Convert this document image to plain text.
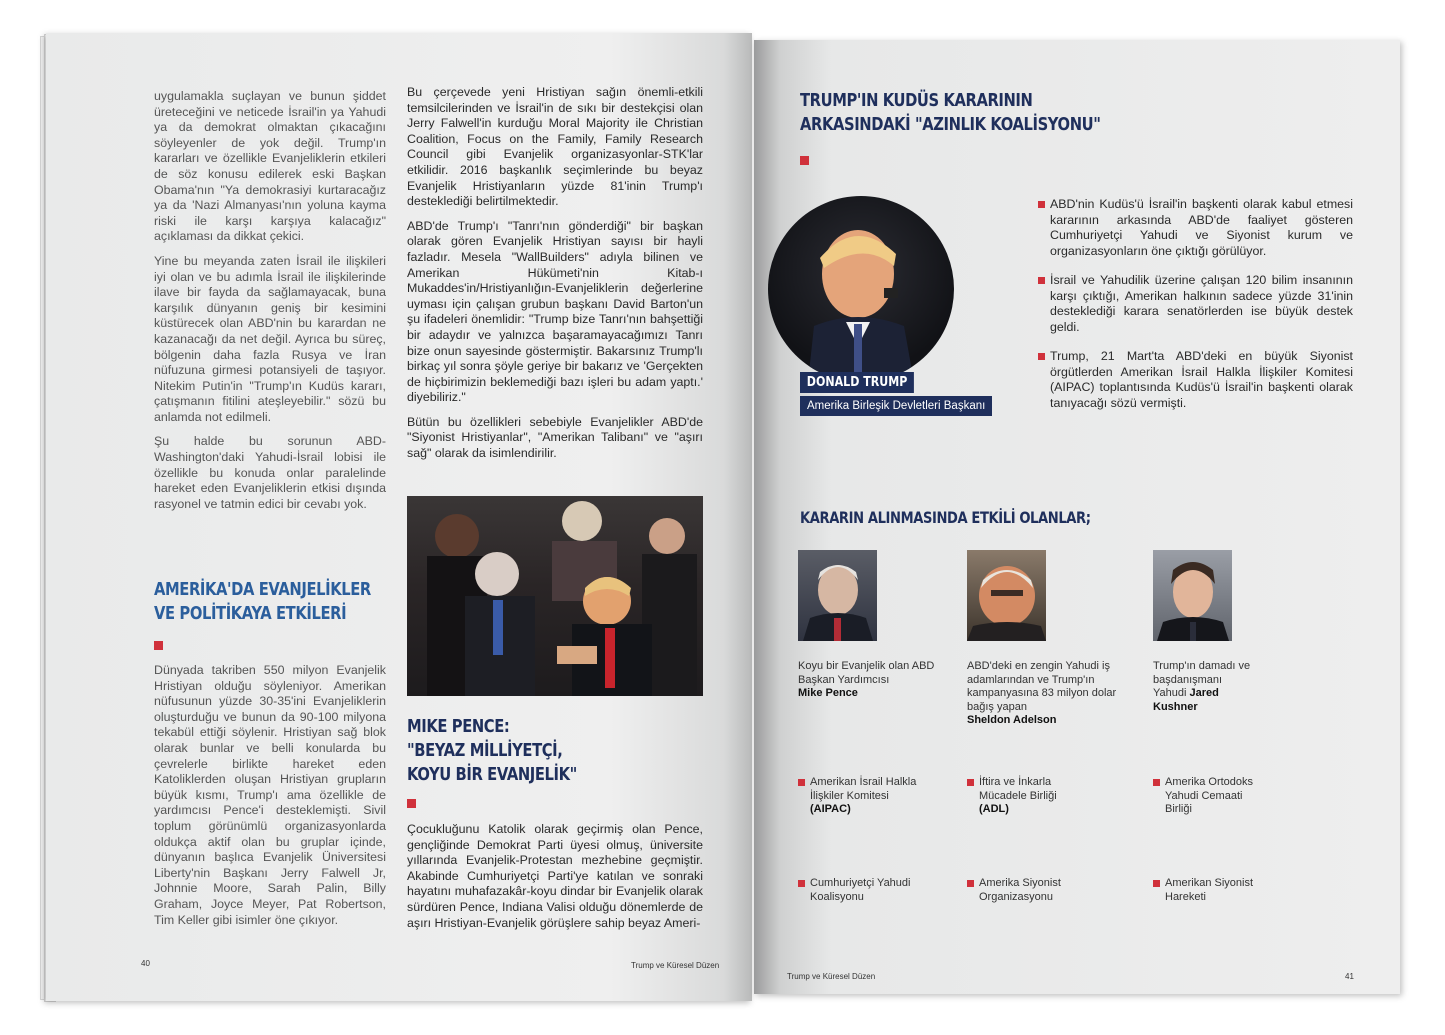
uygulamakla suçlayan ve bunun şiddet üreteceğini ve neticede İsrail'in ya Yahudi ya da demokrat olmaktan çıkacağını söyleyenler de yok değil. Trump'ın kararları ve özellikle Evanjeliklerin etkileri de söz konusu edilerek eski Başkan Obama'nın "Ya demokrasiyi kurtaracağız ya da 'Nazi Almanyası'nın yoluna kayma riski ile karşı karşıya kalacağız" açıklaması da dikkat çekici.

Yine bu meyanda zaten İsrail ile ilişkileri iyi olan ve bu adımla İsrail ile ilişkilerinde ilave bir fayda da sağlamayacak, buna karşılık dünyanın geniş bir kesimini küstürecek olan ABD'nin bu karardan ne kazanacağı da net değil. Ayrıca bu süreç, bölgenin daha fazla Rusya ve İran nüfuzuna girmesi potansiyeli de taşıyor. Nitekim Putin'in "Trump'ın Kudüs kararı, çatışmanın fitilini ateşleyebilir." sözü bu anlamda not edilmeli.

Şu halde bu sorunun ABD-Washington'daki Yahudi-İsrail lobisi ile özellikle bu konuda onlar paralelinde hareket eden Evanjeliklerin etkisi dışında rasyonel ve tatmin edici bir cevabı yok.

AMERİKA'DA EVANJELİKLER
VE POLİTİKAYA ETKİLERİ

Dünyada takriben 550 milyon Evanjelik Hristiyan olduğu söyleniyor. Amerikan nüfusunun yüzde 30-35'ini Evanjeliklerin oluşturduğu ve bunun da 90-100 milyona tekabül ettiği söylenir. Hristiyan sağ blok olarak bunlar ve belli konularda bu çevrelerle birlikte hareket eden Katoliklerden oluşan Hristiyan grupların büyük kısmı, Trump'ı ama özellikle de yardımcısı Pence'i desteklemişti. Sivil toplum görünümlü organizasyonlarda oldukça aktif olan bu gruplar içinde, dünyanın başlıca Evanjelik Üniversitesi Liberty'nin Başkanı Jerry Falwell Jr, Johnnie Moore, Sarah Palin, Billy Graham, Joyce Meyer, Pat Robertson, Tim Keller gibi isimler öne çıkıyor.

Bu çerçevede yeni Hristiyan sağın önemli-etkili temsilcilerinden ve İsrail'in de sıkı bir destekçisi olan Jerry Falwell'in kurduğu Moral Majority ile Christian Coalition, Focus on the Family, Family Research Council gibi Evanjelik organizasyonlar-STK'lar etkilidir. 2016 başkanlık seçimlerinde bu beyaz Evanjelik Hristiyanların yüzde 81'inin Trump'ı desteklediği belirtilmektedir.

ABD'de Trump'ı "Tanrı'nın gönderdiği" bir başkan olarak gören Evanjelik Hristiyan sayısı bir hayli fazladır. Mesela "WallBuilders" adıyla bilinen ve Amerikan Hükümeti'nin Kitab-ı Mukaddes'in/Hristiyanlığın-Evanjeliklerin değerlerine uyması için çalışan grubun başkanı David Barton'un şu ifadeleri önemlidir: "Trump bize Tanrı'nın bahşettiği bir adaydır ve yalnızca başaramayacağımızı Tanrı bize onun sayesinde göstermiştir. Bakarsınız Trump'lı birkaç yıl sonra şöyle geriye bir bakarız ve 'Gerçekten de hiçbirimizin beklemediği bazı işleri bu adam yaptı.' diyebiliriz."

Bütün bu özellikleri sebebiyle Evanjelikler ABD'de "Siyonist Hristiyanlar", "Amerikan Talibanı" ve "aşırı sağ" olarak da isimlendirilir.

MIKE PENCE:
"BEYAZ MİLLİYETÇİ,
KOYU BİR EVANJELİK"

Çocukluğunu Katolik olarak geçirmiş olan Pence, gençliğinde Demokrat Parti üyesi olmuş, üniversite yıllarında Evanjelik-Protestan mezhebine geçmiştir. Akabinde Cumhuriyetçi Parti'ye katılan ve sonraki hayatını muhafazakâr-koyu dindar bir Evanjelik olarak sürdüren Pence, Indiana Valisi olduğu dönemlerde de aşırı Hristiyan-Evanjelik görüşlere sahip beyaz Ameri-

40	Trump ve Küresel Düzen
TRUMP'IN KUDÜS KARARININ
ARKASINDAKİ "AZINLIK KOALİSYONU"
DONALD TRUMP
Amerika Birleşik Devletleri Başkanı
ABD'nin Kudüs'ü İsrail'in başkenti olarak kabul etmesi kararının arkasında ABD'de faaliyet gösteren Cumhuriyetçi Yahudi ve Siyonist kurum ve organizasyonların öne çıktığı görülüyor.
İsrail ve Yahudilik üzerine çalışan 120 bilim insanının karşı çıktığı, Amerikan halkının sadece yüzde 31'inin desteklediği kararа senatörlerden ise büyük destek geldi.
Trump, 21 Mart'ta ABD'deki en büyük Siyonist örgütlerden Amerikan İsrail Halkla İlişkiler Komitesi (AIPAC) toplantısında Kudüs'ü İsrail'in başkenti olarak tanıyacağı sözü vermişti.
KARARIN ALINMASINDA ETKİLİ OLANLAR;
Koyu bir Evanjelik olan ABD Başkan Yardımcısı
Mike Pence
ABD'deki en zengin Yahudi iş adamlarından ve Trump'ın kampanyasına 83 milyon dolar bağış yapan
Sheldon Adelson
Trump'ın damadı ve başdanışmanı Yahudi Jared
Kushner
Amerikan İsrail Halkla İlişkiler Komitesi
(AIPAC)
İftira ve İnkarla Mücadele Birliği (ADL)
Amerika Ortodoks Yahudi Cemaati Birliği
Cumhuriyetçi Yahudi Koalisyonu
Amerika Siyonist Organizasyonu
Amerikan Siyonist Hareketi
Trump ve Küresel Düzen	41
